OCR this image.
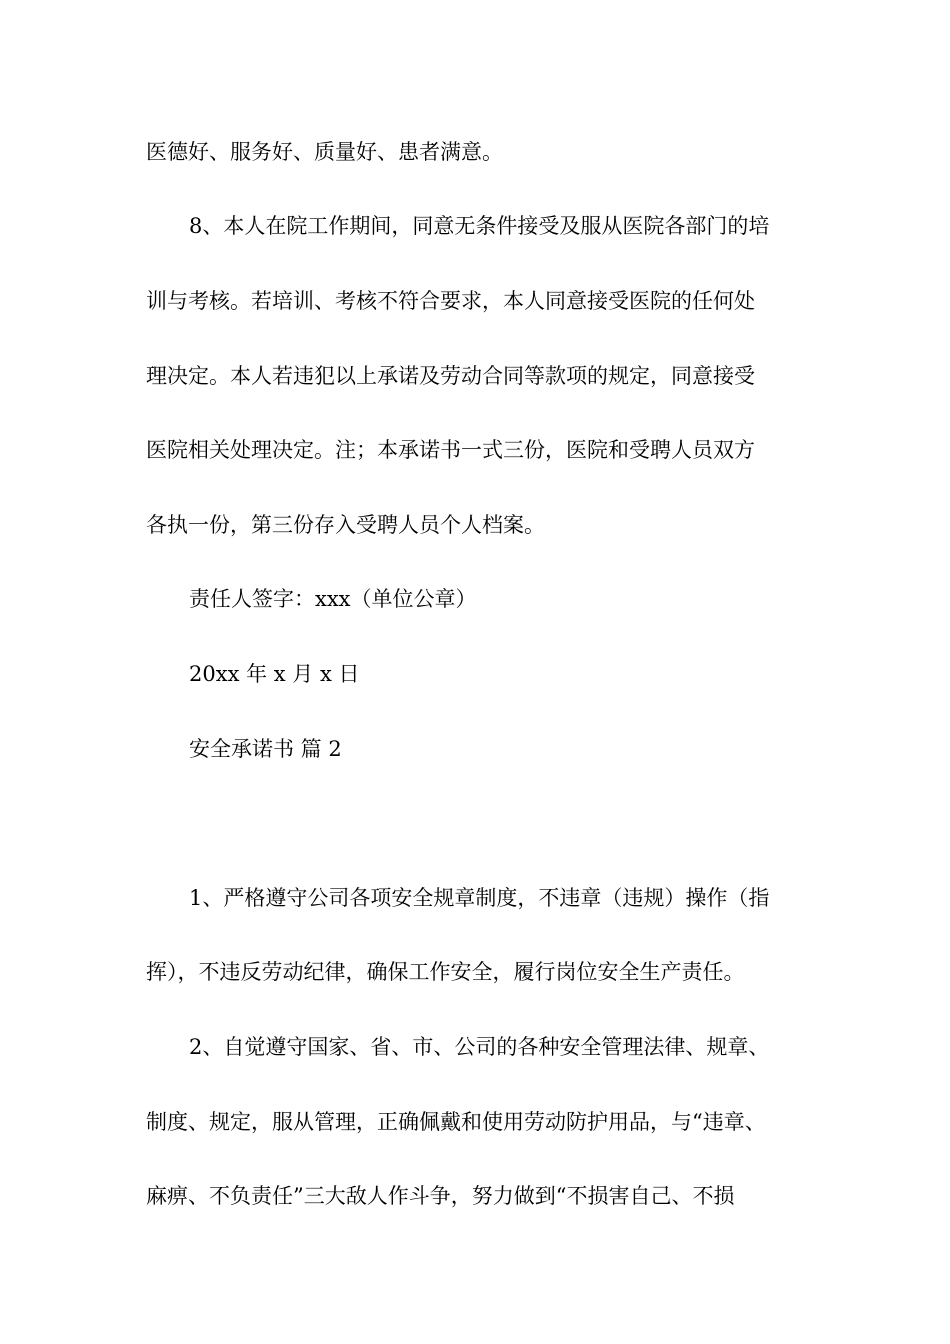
医德好、服务好、质量好、患者满意。
8、本人在院工作期间，同意无条件接受及服从医院各部门的培
训与考核。若培训、考核不符合要求，本人同意接受医院的任何处
理决定。本人若违犯以上承诺及劳动合同等款项的规定，同意接受
医院相关处理决定。注；本承诺书一式三份，医院和受聘人员双方
各执一份，第三份存入受聘人员个人档案。
责任人签字：xxx（单位公章）
20xx 年 x 月 x 日
安全承诺书 篇 2
1、严格遵守公司各项安全规章制度，不违章（违规）操作（指
挥），不违反劳动纪律，确保工作安全，履行岗位安全生产责任。
2、自觉遵守国家、省、市、公司的各种安全管理法律、规章、
制度、规定，服从管理，正确佩戴和使用劳动防护用品，与“违章、
麻痹、不负责任”三大敌人作斗争，努力做到“不损害自己、不损
